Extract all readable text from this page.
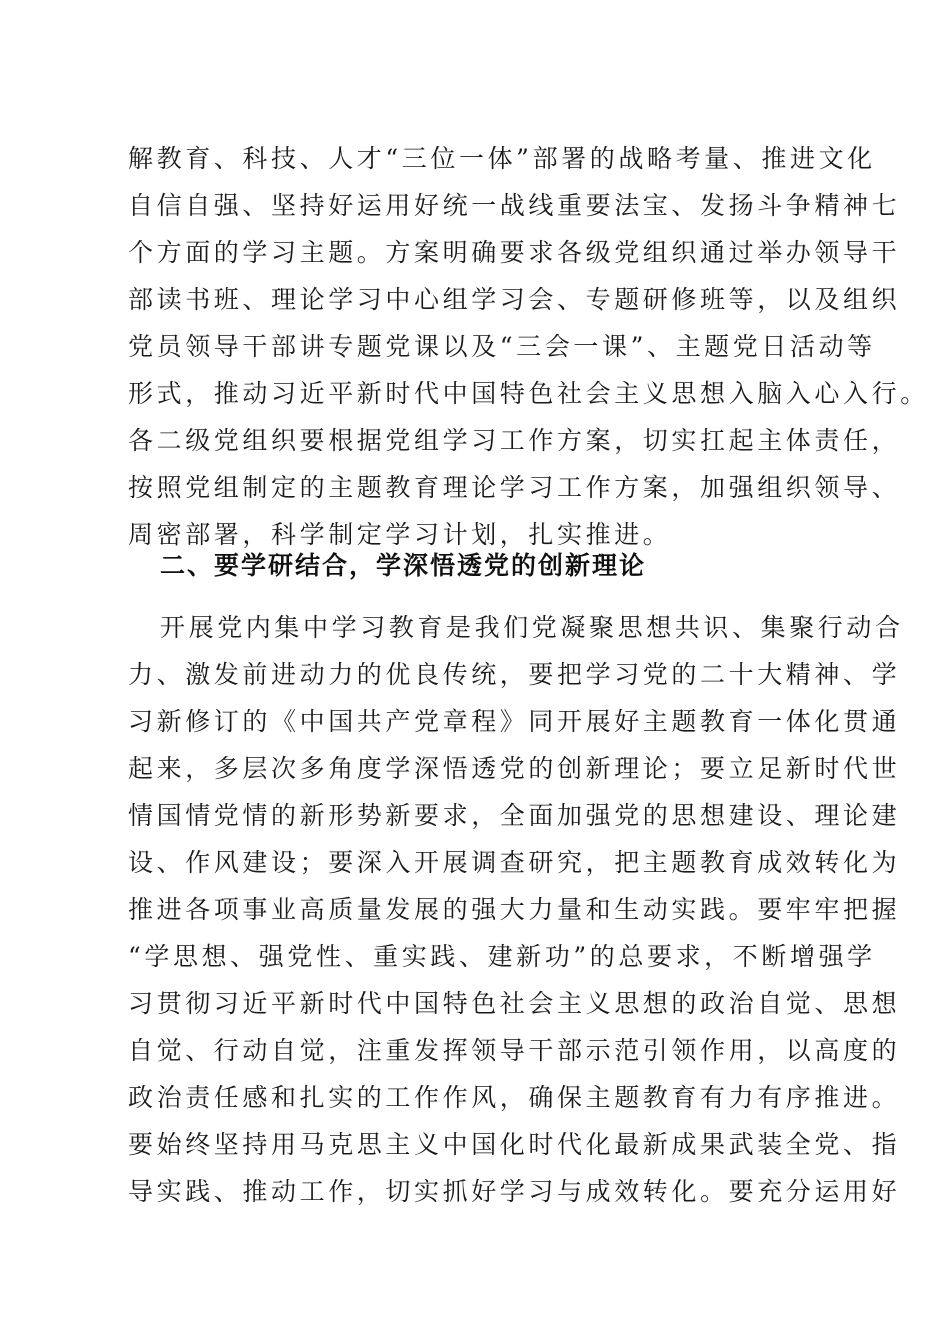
解教育、科技、人才“三位一体”部署的战略考量、推进文化
自信自强、坚持好运用好统一战线重要法宝、发扬斗争精神七
个方面的学习主题。方案明确要求各级党组织通过举办领导干
部读书班、理论学习中心组学习会、专题研修班等，以及组织
党员领导干部讲专题党课以及“三会一课”、主题党日活动等
形式，推动习近平新时代中国特色社会主义思想入脑入心入行。
各二级党组织要根据党组学习工作方案，切实扛起主体责任，
按照党组制定的主题教育理论学习工作方案，加强组织领导、
周密部署，科学制定学习计划，扎实推进。
二、要学研结合，学深悟透党的创新理论
开展党内集中学习教育是我们党凝聚思想共识、集聚行动合
力、激发前进动力的优良传统，要把学习党的二十大精神、学
习新修订的《中国共产党章程》同开展好主题教育一体化贯通
起来，多层次多角度学深悟透党的创新理论；要立足新时代世
情国情党情的新形势新要求，全面加强党的思想建设、理论建
设、作风建设；要深入开展调查研究，把主题教育成效转化为
推进各项事业高质量发展的强大力量和生动实践。要牢牢把握
“学思想、强党性、重实践、建新功”的总要求，不断增强学
习贯彻习近平新时代中国特色社会主义思想的政治自觉、思想
自觉、行动自觉，注重发挥领导干部示范引领作用，以高度的
政治责任感和扎实的工作作风，确保主题教育有力有序推进。
要始终坚持用马克思主义中国化时代化最新成果武装全党、指
导实践、推动工作，切实抓好学习与成效转化。要充分运用好
